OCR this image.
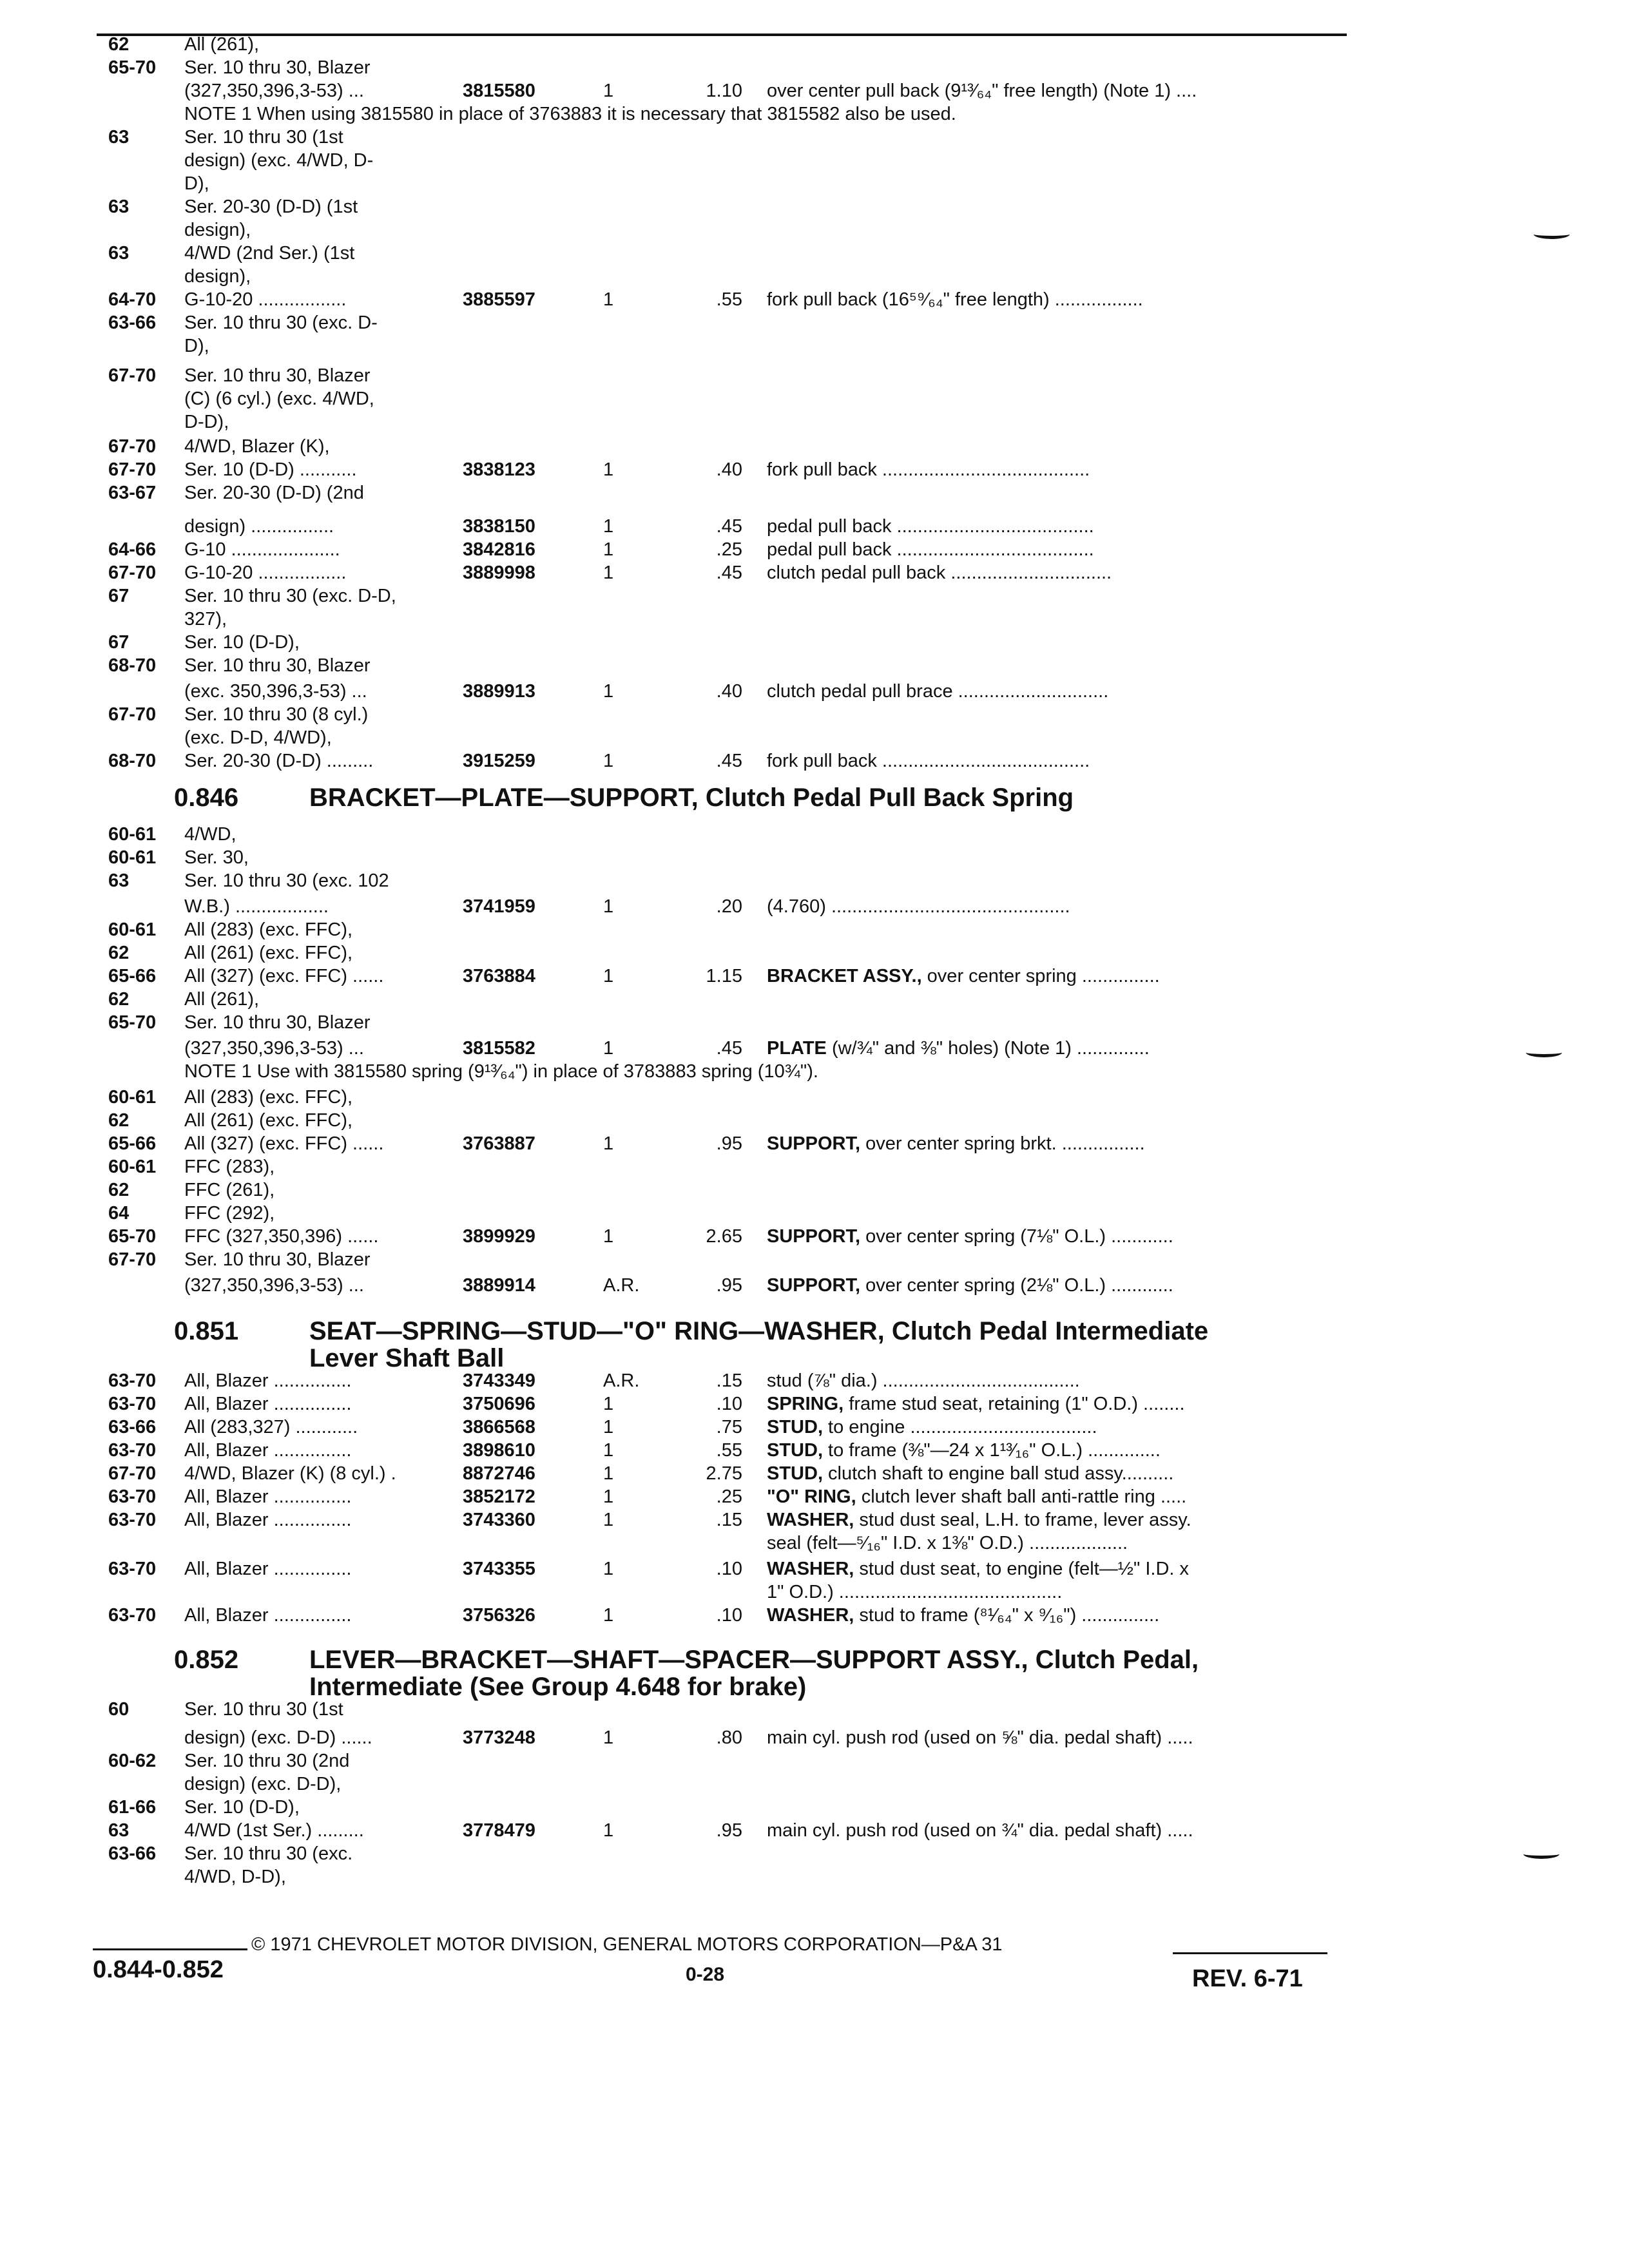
62	All (261),
65-70 Ser. 10 thru 30, Blazer
(327,350,396,3-53) ...	3815580	1	1.10 over center pull back (9¹³⁄₆₄" free length) (Note 1) ....
63	Ser. 10 thru 30 (1st
design) (exc. 4/WD, D-
D),
63	Ser. 20-30 (D-D) (1st
design),
63	4/WD (2nd Ser.) (1st
design),
64-70 G-10-20 .................	3885597	1	.55 fork pull back (16⁵⁹⁄₆₄" free length) .................
63-66 Ser. 10 thru 30 (exc. D-
D),
67-70 Ser. 10 thru 30, Blazer
(C) (6 cyl.) (exc. 4/WD,
D-D),
67-70 4/WD, Blazer (K),
67-70 Ser. 10 (D-D) ...........	3838123	1	.40 fork pull back ........................................
63-67 Ser. 20-30 (D-D) (2nd
design) ................	3838150	1	.45 pedal pull back ......................................
64-66 G-10 .....................	3842816	1	.25 pedal pull back ......................................
67-70 G-10-20 .................	3889998	1	.45 clutch pedal pull back ...............................
67	Ser. 10 thru 30 (exc. D-D,
327),
67	Ser. 10 (D-D),
68-70 Ser. 10 thru 30, Blazer
(exc. 350,396,3-53) ...	3889913	1	.40 clutch pedal pull brace .............................
67-70 Ser. 10 thru 30 (8 cyl.)
(exc. D-D, 4/WD),
68-70 Ser. 20-30 (D-D) .........	3915259	1	.45 fork pull back ........................................
60-61 4/WD,
60-61 Ser. 30,
63	Ser. 10 thru 30 (exc. 102
W.B.) ..................	3741959	1	.20 (4.760) ..............................................
60-61 All (283) (exc. FFC),
62	All (261) (exc. FFC),
65-66 All (327) (exc. FFC) ......	3763884	1	1.15 BRACKET ASSY., over center spring ...............
62	All (261),
65-70 Ser. 10 thru 30, Blazer
(327,350,396,3-53) ...	3815582	1	.45 PLATE (w/¾" and ⅜" holes) (Note 1) ..............
60-61 All (283) (exc. FFC),
62	All (261) (exc. FFC),
65-66 All (327) (exc. FFC) ......	3763887	1	.95 SUPPORT, over center spring brkt. ................
60-61 FFC (283),
62	FFC (261),
64	FFC (292),
65-70 FFC (327,350,396) ......	3899929	1	2.65 SUPPORT, over center spring (7⅛" O.L.) ............
67-70 Ser. 10 thru 30, Blazer
(327,350,396,3-53) ...	3889914	A.R.	.95 SUPPORT, over center spring (2⅛" O.L.) ............
63-70 All, Blazer ...............	3743349	A.R.	.15 stud (⅞" dia.) ......................................
63-70 All, Blazer ...............	3750696	1	.10 SPRING, frame stud seat, retaining (1" O.D.) ........
63-66 All (283,327) ............	3866568	1	.75 STUD, to engine ....................................
63-70 All, Blazer ...............	3898610	1	.55 STUD, to frame (⅜"—24 x 1¹³⁄₁₆" O.L.) ..............
67-70 4/WD, Blazer (K) (8 cyl.) .	8872746	1	2.75 STUD, clutch shaft to engine ball stud assy..........
63-70 All, Blazer ...............	3852172	1	.25 "O" RING, clutch lever shaft ball anti-rattle ring .....
63-70 All, Blazer ...............	3743360	1	.15 WASHER, stud dust seal, L.H. to frame, lever assy.
seal (felt—⁵⁄₁₆" I.D. x 1⅜" O.D.) ...................
63-70 All, Blazer ...............	3743355	1	.10 WASHER, stud dust seat, to engine (felt—½" I.D. x
1" O.D.) ...........................................
63-70 All, Blazer ...............	3756326	1	.10 WASHER, stud to frame (⁸¹⁄₆₄" x ⁹⁄₁₆") ...............
60	Ser. 10 thru 30 (1st
design) (exc. D-D) ......	3773248	1	.80 main cyl. push rod (used on ⅝" dia. pedal shaft) .....
60-62 Ser. 10 thru 30 (2nd
design) (exc. D-D),
61-66 Ser. 10 (D-D),
63	4/WD (1st Ser.) .........	3778479	1	.95 main cyl. push rod (used on ¾" dia. pedal shaft) .....
63-66 Ser. 10 thru 30 (exc.
4/WD, D-D),
NOTE 1 When using 3815580 in place of 3763883 it is necessary that 3815582 also be used.
NOTE 1 Use with 3815580 spring (9¹³⁄₆₄") in place of 3783883 spring (10¾").
0.846	BRACKET—PLATE—SUPPORT, Clutch Pedal Pull Back Spring
0.851	SEAT—SPRING—STUD—"O" RING—WASHER, Clutch Pedal Intermediate
Lever Shaft Ball
0.852	LEVER—BRACKET—SHAFT—SPACER—SUPPORT ASSY., Clutch Pedal,
Intermediate (See Group 4.648 for brake)
© 1971 CHEVROLET MOTOR DIVISION, GENERAL MOTORS CORPORATION—P&A 31
0.844-0.852	0-28	REV. 6-71
